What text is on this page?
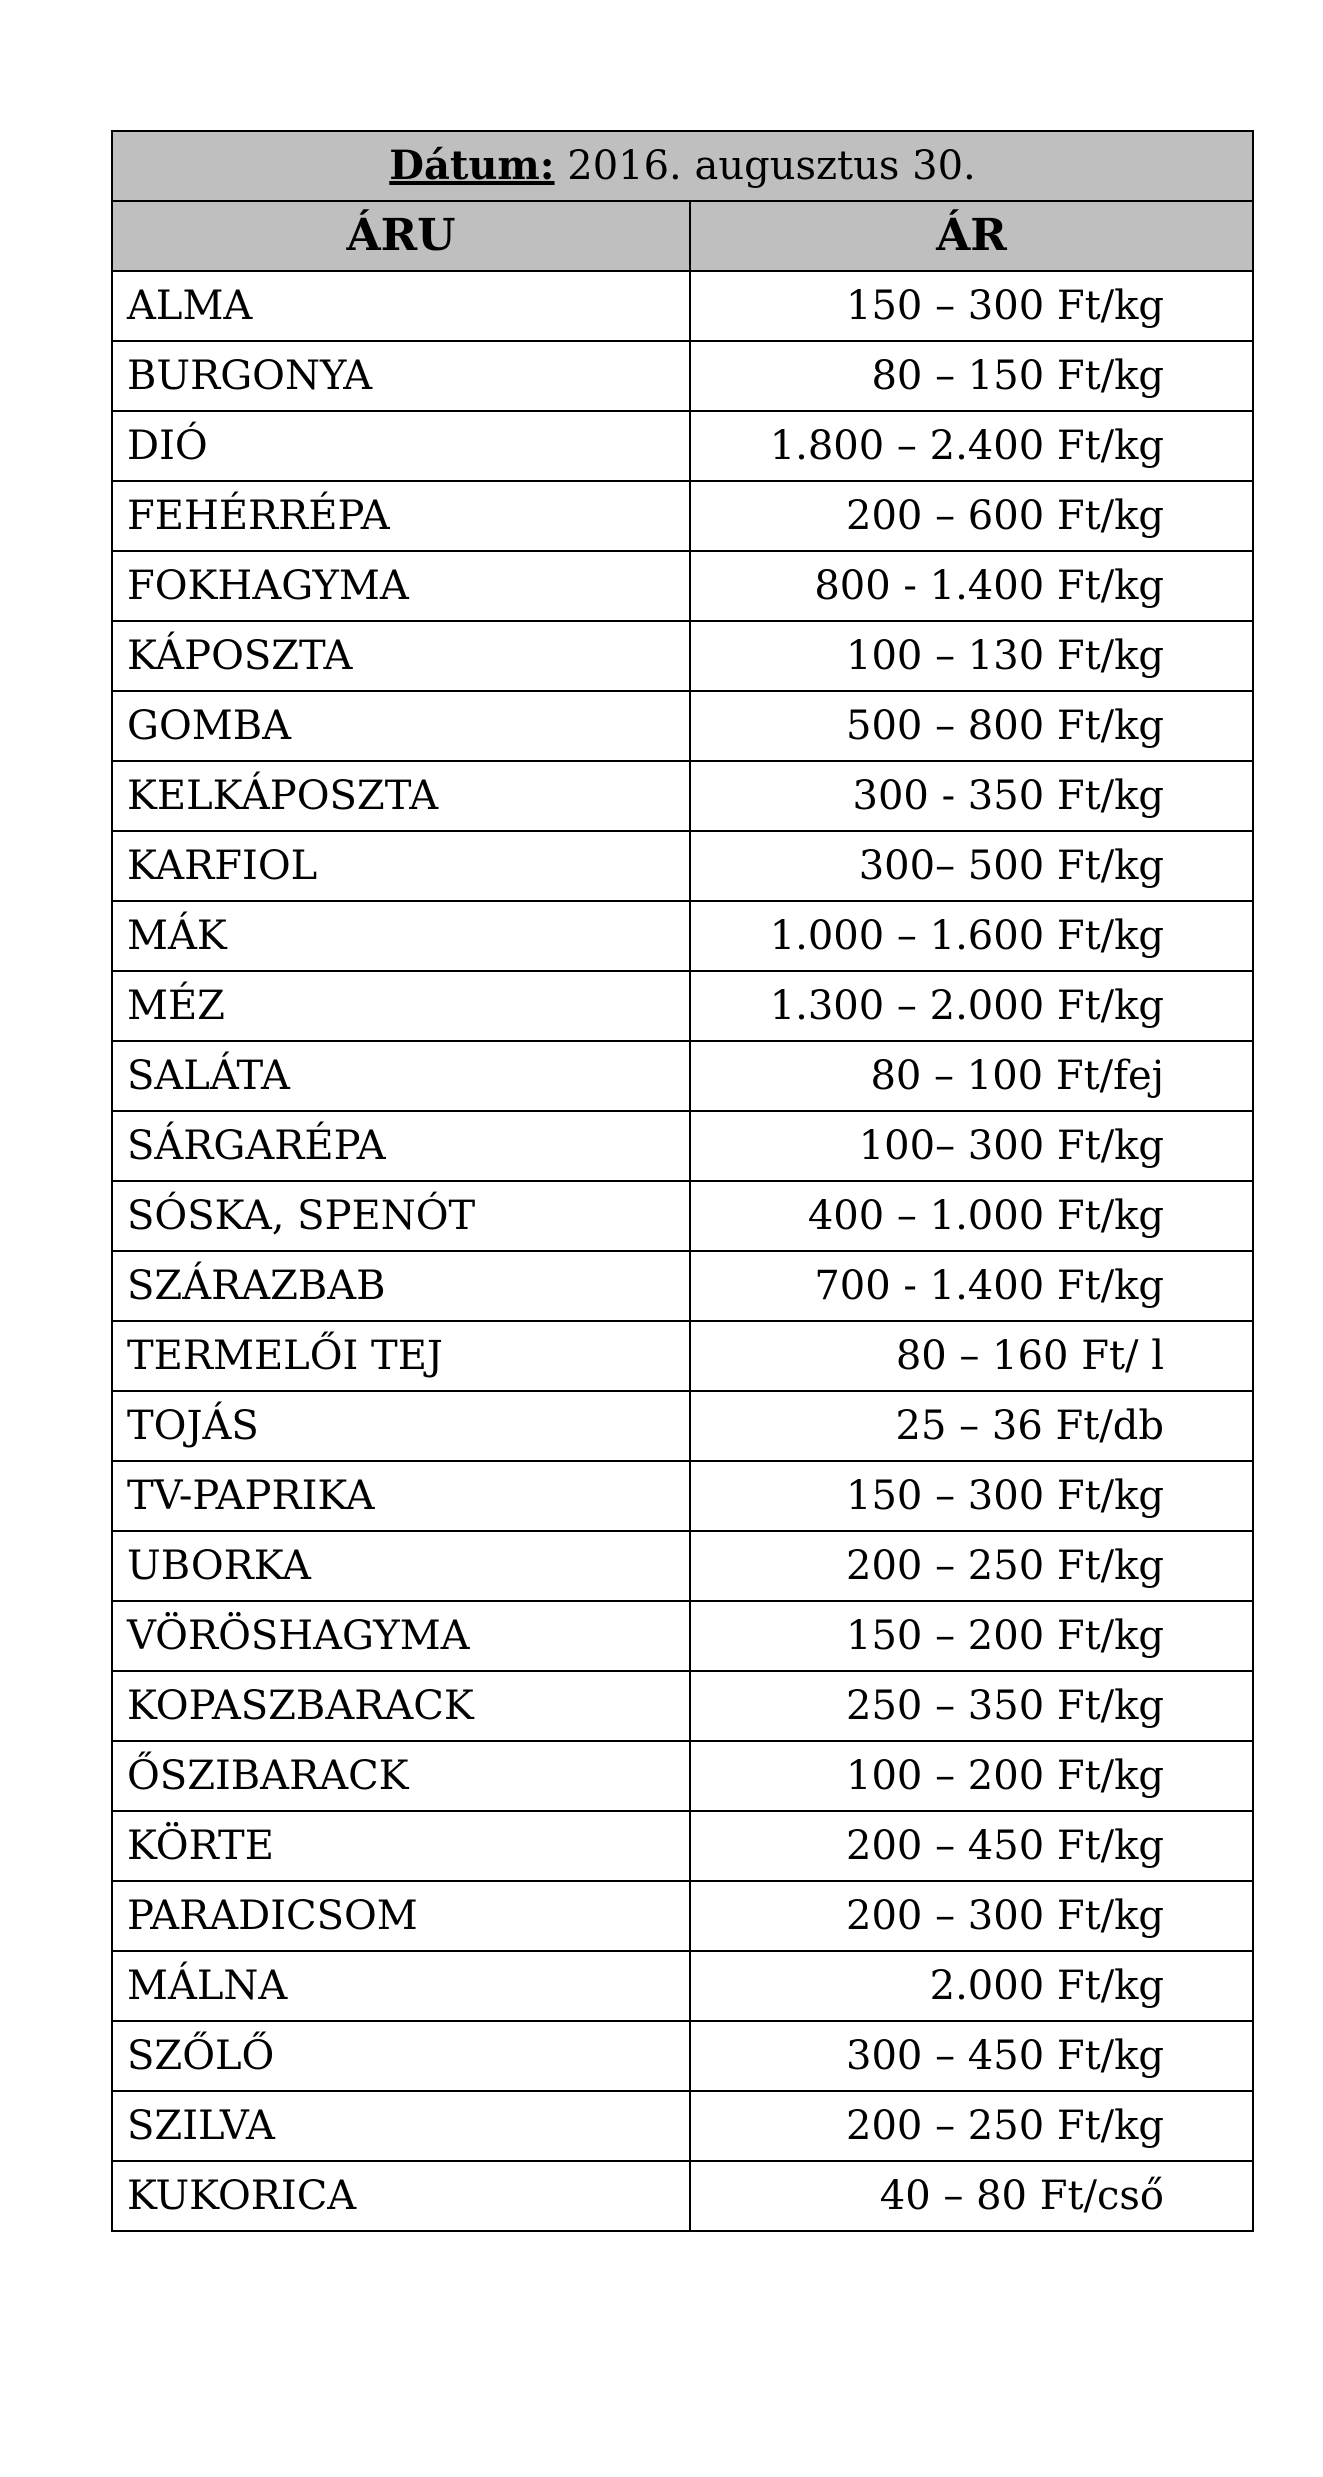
Dátum: 2016. augusztus 30.	
ÁRU	ÁR
ALMA	150 – 300 Ft/kg
BURGONYA	80 – 150 Ft/kg
DIÓ	1.800 – 2.400 Ft/kg
FEHÉRRÉPA	200 – 600 Ft/kg
FOKHAGYMA	800 - 1.400 Ft/kg
KÁPOSZTA	100 – 130 Ft/kg
GOMBA	500 – 800 Ft/kg
KELKÁPOSZTA	300 - 350 Ft/kg
KARFIOL	300– 500 Ft/kg
MÁK	1.000 – 1.600 Ft/kg
MÉZ	1.300 – 2.000 Ft/kg
SALÁTA	80 – 100 Ft/fej
SÁRGARÉPA	100– 300 Ft/kg
SÓSKA, SPENÓT	400 – 1.000 Ft/kg
SZÁRAZBAB	700 - 1.400 Ft/kg
TERMELŐI TEJ	80 – 160 Ft/ l
TOJÁS	25 – 36 Ft/db
TV-PAPRIKA	150 – 300 Ft/kg
UBORKA	200 – 250 Ft/kg
VÖRÖSHAGYMA	150 – 200 Ft/kg
KOPASZBARACK	250 – 350 Ft/kg
ŐSZIBARACK	100 – 200 Ft/kg
KÖRTE	200 – 450 Ft/kg
PARADICSOM	200 – 300 Ft/kg
MÁLNA	2.000 Ft/kg
SZŐLŐ	300 – 450 Ft/kg
SZILVA	200 – 250 Ft/kg
KUKORICA	40 – 80 Ft/cső
